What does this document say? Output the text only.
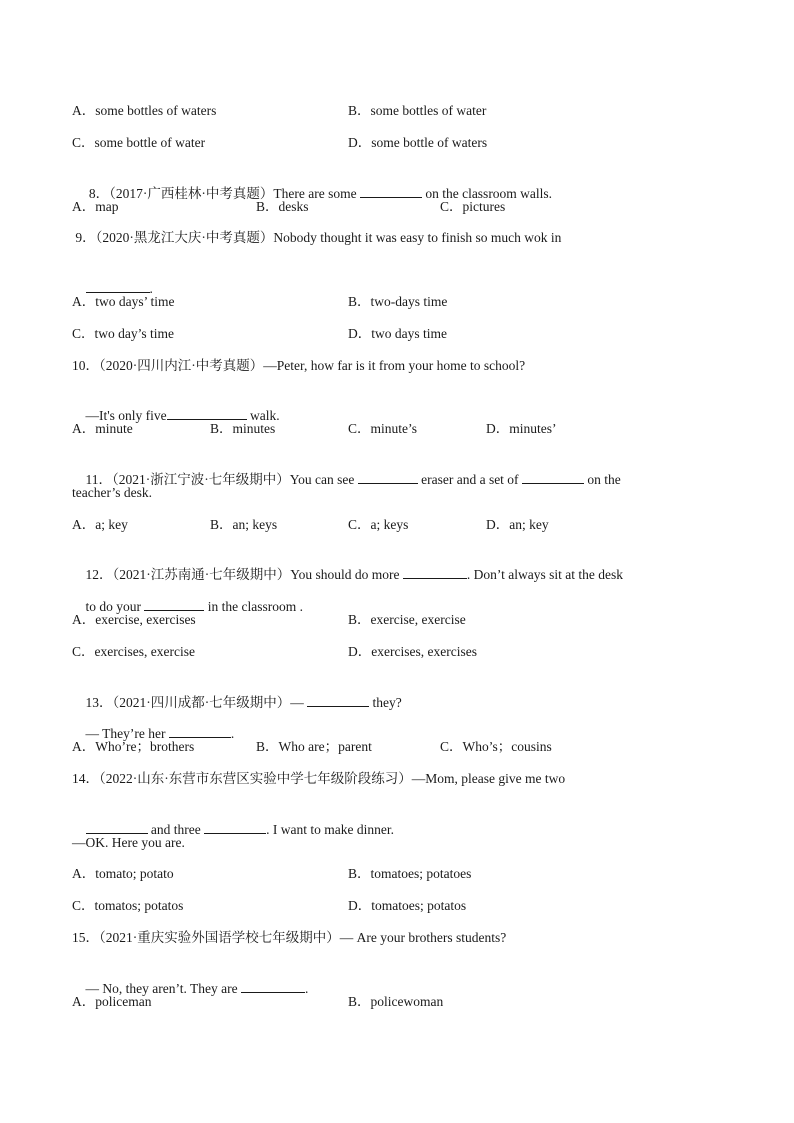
A．some bottles of waters	B．some bottles of water
C．some bottle of water	D．some bottle of waters

8．（2017·广西桂林·中考真题）There are some	on the classroom walls.

A．map	B．desks	C．pictures
9．（2020·黑龙江大庆·中考真题）Nobody thought it was easy to finish so much wok in

.

A．two days’ time	B．two-days time
C．two day’s time	D．two days time
10．（2020·四川内江·中考真题）—Peter, how far is it from your home to school?

—It's only five	walk.

A．minute	B．minutes	C．minute’s	D．minutes’

11．（2021·浙江宁波·七年级期中）You can see	eraser and a set of	on the

teacher’s desk.
A．a; key	B．an; keys	C．a; keys	D．an; key

12．（2021·江苏南通·七年级期中）You should do more	. Don’t always sit at the desk

to do your	in the classroom .

A．exercise, exercises	B．exercise, exercise
C．exercises, exercise	D．exercises, exercises

13．（2021·四川成都·七年级期中）—	they?

— They’re her	.

A．Who’re；brothers	B．Who are；parent	C．Who’s；cousins
14．（2022·山东·东营市东营区实验中学七年级阶段练习）—Mom, please give me two

and three	. I want to make dinner.

—OK. Here you are.
A．tomato; potato	B．tomatoes; potatoes
C．tomatos; potatos	D．tomatoes; potatos
15．（2021·重庆实验外国语学校七年级期中）— Are your brothers students?

— No, they aren’t. They are	.

A．policeman	B．policewoman
